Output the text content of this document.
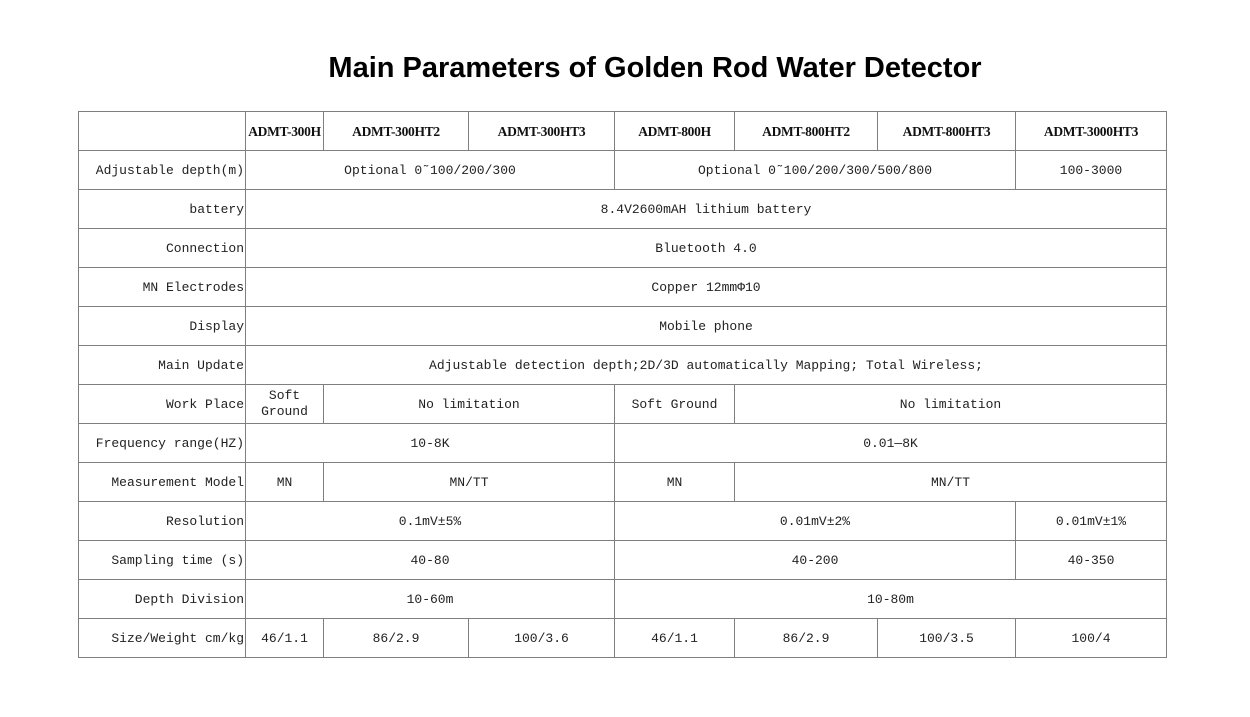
Main Parameters of Golden Rod Water Detector
	ADMT-300H	ADMT-300HT2	ADMT-300HT3	ADMT-800H	ADMT-800HT2	ADMT-800HT3	ADMT-3000HT3
Adjustable depth(m)	Optional 0˜100/200/300			Optional 0˜100/200/300/500/800			100-3000
battery	8.4V2600mAH lithium battery						
Connection	Bluetooth 4.0						
MN Electrodes	Copper 12mmΦ10						
Display	Mobile phone						
Main Update	Adjustable detection depth;2D/3D automatically Mapping; Total Wireless;						
Work Place	Soft Ground	No limitation		Soft Ground	No limitation		
Frequency range(HZ)	10-8K			0.01—8K			
Measurement Model	MN	MN/TT		MN	MN/TT		
Resolution	0.1mV±5%			0.01mV±2%			0.01mV±1%
Sampling time (s)	40-80			40-200			40-350
Depth Division	10-60m			10-80m			
Size/Weight cm/kg	46/1.1	86/2.9	100/3.6	46/1.1	86/2.9	100/3.5	100/4
